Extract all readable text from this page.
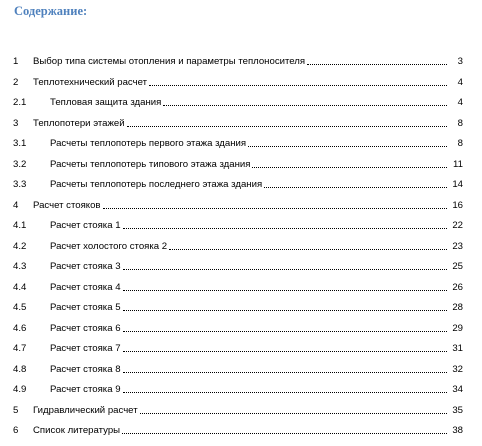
Содержание:
1	Выбор типа системы отопления и параметры теплоносителя	3
2	Теплотехнический расчет	4
2.1	Тепловая защита здания	4
3	Теплопотери этажей	8
3.1	Расчеты теплопотерь первого этажа здания	8
3.2	Расчеты теплопотерь типового этажа здания	11
3.3	Расчеты теплопотерь последнего этажа здания	14
4	Расчет стояков	16
4.1	Расчет стояка 1	22
4.2	Расчет холостого стояка 2	23
4.3	Расчет стояка 3	25
4.4	Расчет стояка 4	26
4.5	Расчет стояка 5	28
4.6	Расчет стояка 6	29
4.7	Расчет стояка 7	31
4.8	Расчет стояка 8	32
4.9	Расчет стояка 9	34
5	Гидравлический расчет	35
6	Список литературы	38
